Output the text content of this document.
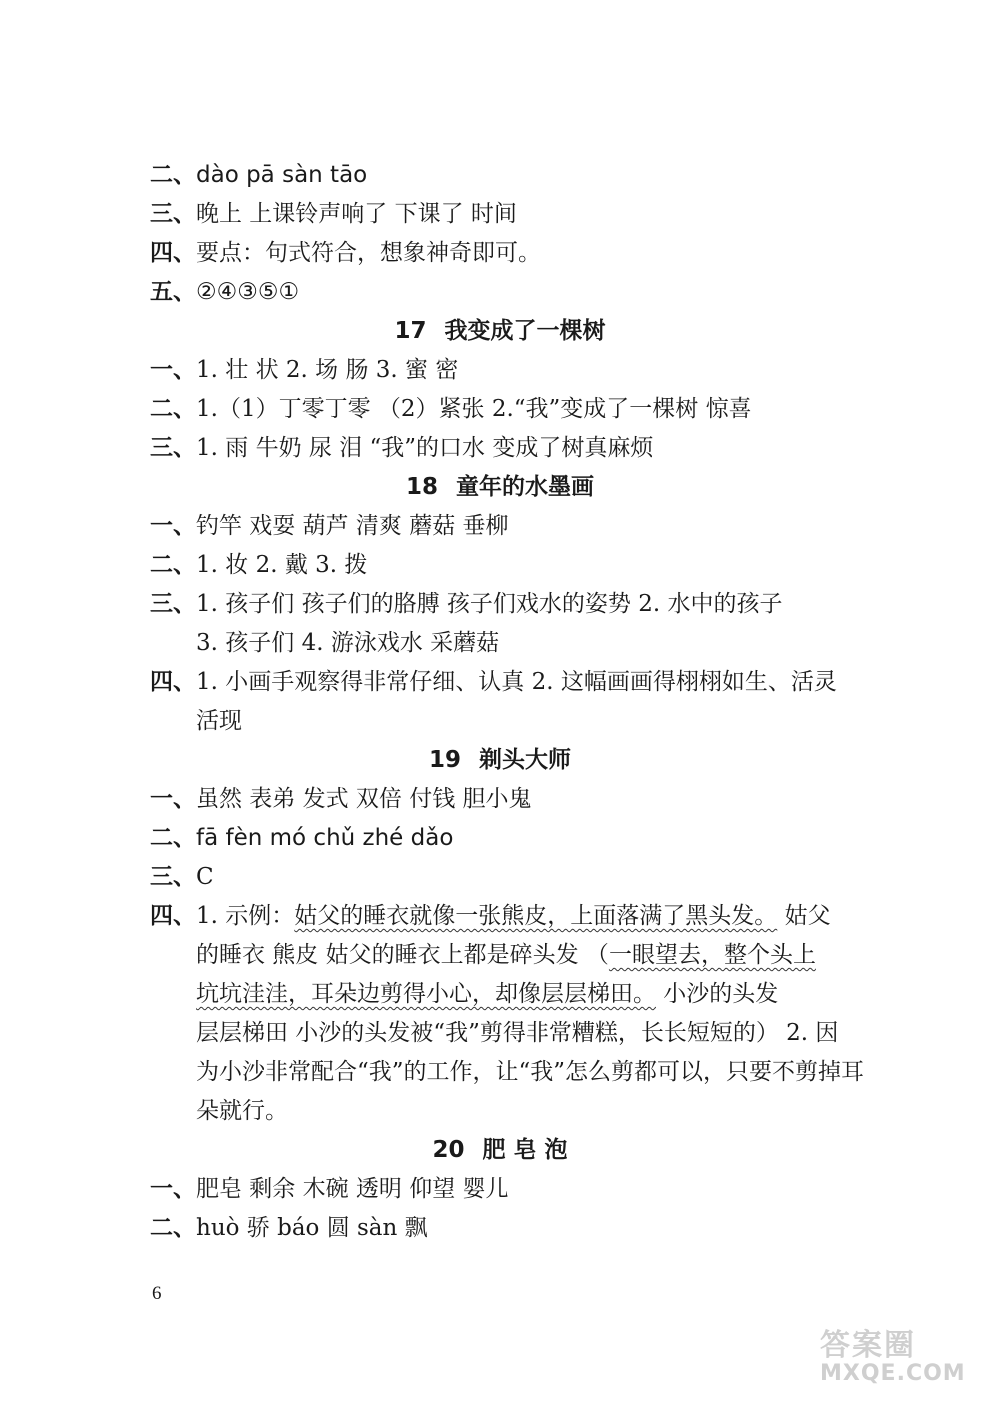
二、dào pā sàn tāo
三、晚上 上课铃声响了 下课了 时间
四、要点：句式符合，想象神奇即可。
五、②④③⑤①
17 我变成了一棵树
一、1. 壮 状 2. 场 肠 3. 蜜 密
二、1.（1）丁零丁零 （2）紧张 2.“我”变成了一棵树 惊喜
三、1. 雨 牛奶 尿 泪 “我”的口水 变成了树真麻烦
18 童年的水墨画
一、钓竿 戏耍 葫芦 清爽 蘑菇 垂柳
二、1. 妆 2. 戴 3. 拨
三、1. 孩子们 孩子们的胳膊 孩子们戏水的姿势 2. 水中的孩子
3. 孩子们 4. 游泳戏水 采蘑菇
四、1. 小画手观察得非常仔细、认真 2. 这幅画画得栩栩如生、活灵
活现
19 剃头大师
一、虽然 表弟 发式 双倍 付钱 胆小鬼
二、fā fèn mó chǔ zhé dǎo
三、C
四、1. 示例：姑父的睡衣就像一张熊皮，上面落满了黑头发。 姑父
的睡衣 熊皮 姑父的睡衣上都是碎头发 （一眼望去，整个头上
坑坑洼洼，耳朵边剪得小心，却像层层梯田。 小沙的头发
层层梯田 小沙的头发被“我”剪得非常糟糕，长长短短的） 2. 因
为小沙非常配合“我”的工作，让“我”怎么剪都可以，只要不剪掉耳
朵就行。
20 肥 皂 泡
一、肥皂 剩余 木碗 透明 仰望 婴儿
二、huò 骄 báo 圆 sàn 飘
6
答案圈
MXQE.COM
